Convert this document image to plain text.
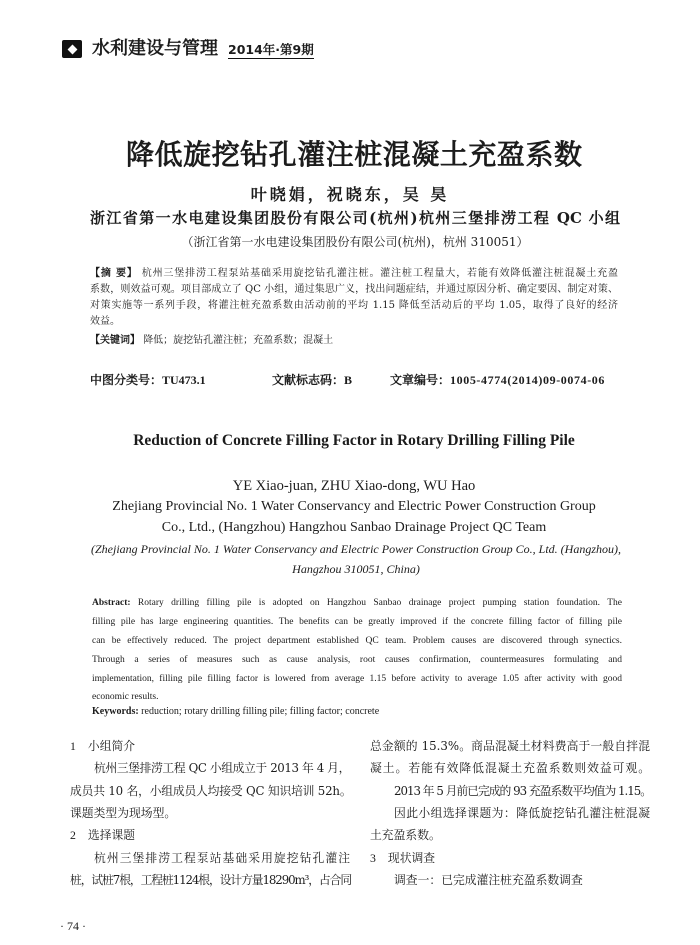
水利建设与管理 2014年·第9期
降低旋挖钻孔灌注桩混凝土充盈系数
叶晓娟，祝晓东，吴 昊
浙江省第一水电建设集团股份有限公司(杭州)杭州三堡排涝工程 QC 小组
（浙江省第一水电建设集团股份有限公司(杭州)，杭州 310051）
【摘 要】 杭州三堡排涝工程泵站基础采用旋挖钻孔灌注桩。灌注桩工程量大，若能有效降低灌注桩混凝土充盈
系数，则效益可观。项目部成立了 QC 小组，通过集思广义，找出问题症结，并通过原因分析、确定要因、制定对策、
对策实施等一系列手段，将灌注桩充盈系数由活动前的平均 1.15 降低至活动后的平均 1.05，取得了良好的经济
效益。
【关键词】 降低；旋挖钻孔灌注桩；充盈系数；混凝土
中图分类号：TU473.1	文献标志码：B	文章编号：1005-4774(2014)09-0074-06
Reduction of Concrete Filling Factor in Rotary Drilling Filling Pile
YE Xiao-juan, ZHU Xiao-dong, WU Hao
Zhejiang Provincial No. 1 Water Conservancy and Electric Power Construction Group
Co., Ltd., (Hangzhou) Hangzhou Sanbao Drainage Project QC Team
(Zhejiang Provincial No. 1 Water Conservancy and Electric Power Construction Group Co., Ltd. (Hangzhou),
Hangzhou 310051, China)
Abstract: Rotary drilling filling pile is adopted on Hangzhou Sanbao drainage project pumping station foundation. The
filling pile has large engineering quantities. The benefits can be greatly improved if the concrete filling factor of filling pile
can be effectively reduced. The project department established QC team. Problem causes are discovered through synectics.
Through a series of measures such as cause analysis, root causes confirmation, countermeasures formulating and
implementation, filling pile filling factor is lowered from average 1.15 before activity to average 1.05 after activity with good
economic results.
Keywords: reduction; rotary drilling filling pile; filling factor; concrete
1 小组简介
杭州三堡排涝工程 QC 小组成立于 2013 年 4 月，
成员共 10 名，小组成员人均接受 QC 知识培训 52h。
课题类型为现场型。
2 选择课题
杭州三堡排涝工程泵站基础采用旋挖钻孔灌注
桩，试桩7根，工程桩1124根，设计方量18290m³，占合同
总金额的 15.3%。商品混凝土材料费高于一般自拌混
凝土。若能有效降低混凝土充盈系数则效益可观。
2013 年 5 月前已完成的 93 充盈系数平均值为 1.15。
因此小组选择课题为：降低旋挖钻孔灌注桩混凝
土充盈系数。
3 现状调查
调查一：已完成灌注桩充盈系数调查
· 74 ·
